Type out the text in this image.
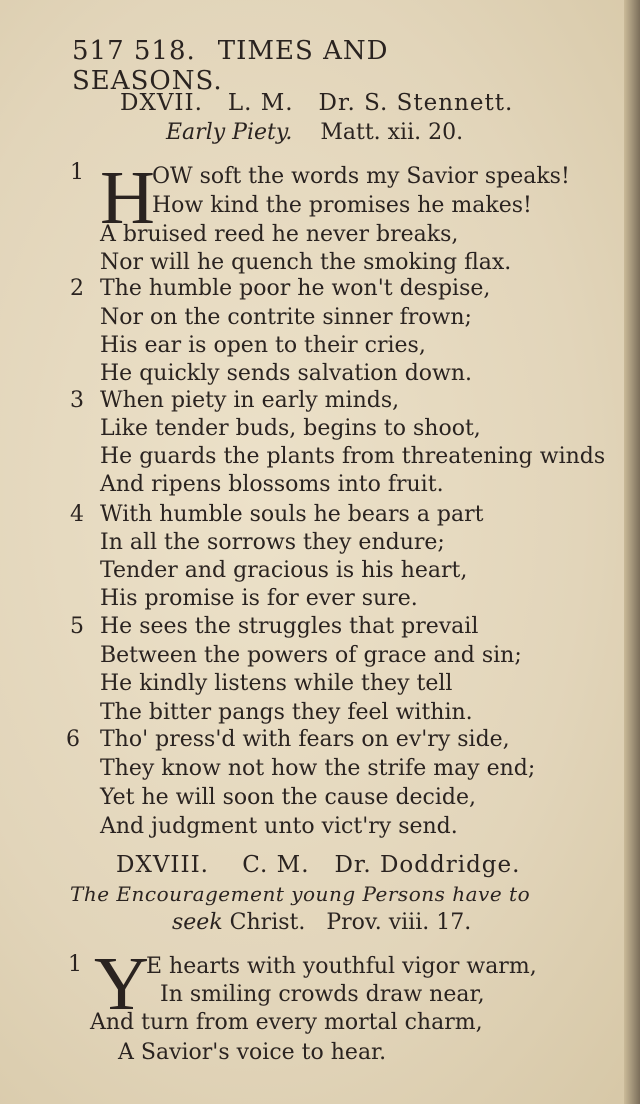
517 518. TIMES AND SEASONS.
DXVII. L. M. Dr. S. Stennett.
Early Piety. Matt. xii. 20.
1 H
OW soft the words my Savior speaks!
How kind the promises he makes!
A bruised reed he never breaks,
Nor will he quench the smoking flax.
2 The humble poor he won't despise,
Nor on the contrite sinner frown;
His ear is open to their cries,
He quickly sends salvation down.
3 When piety in early minds,
Like tender buds, begins to shoot,
He guards the plants from threatening winds
And ripens blossoms into fruit.
4 With humble souls he bears a part
In all the sorrows they endure;
Tender and gracious is his heart,
His promise is for ever sure.
5 He sees the struggles that prevail
Between the powers of grace and sin;
He kindly listens while they tell
The bitter pangs they feel within.
6 Tho' press'd with fears on ev'ry side,
They know not how the strife may end;
Yet he will soon the cause decide,
And judgment unto vict'ry send.
DXVIII. C. M. Dr. Doddridge.
The Encouragement young Persons have to
seek Christ. Prov. viii. 17.
1 Y
E hearts with youthful vigor warm,
In smiling crowds draw near,
And turn from every mortal charm,
A Savior's voice to hear.
